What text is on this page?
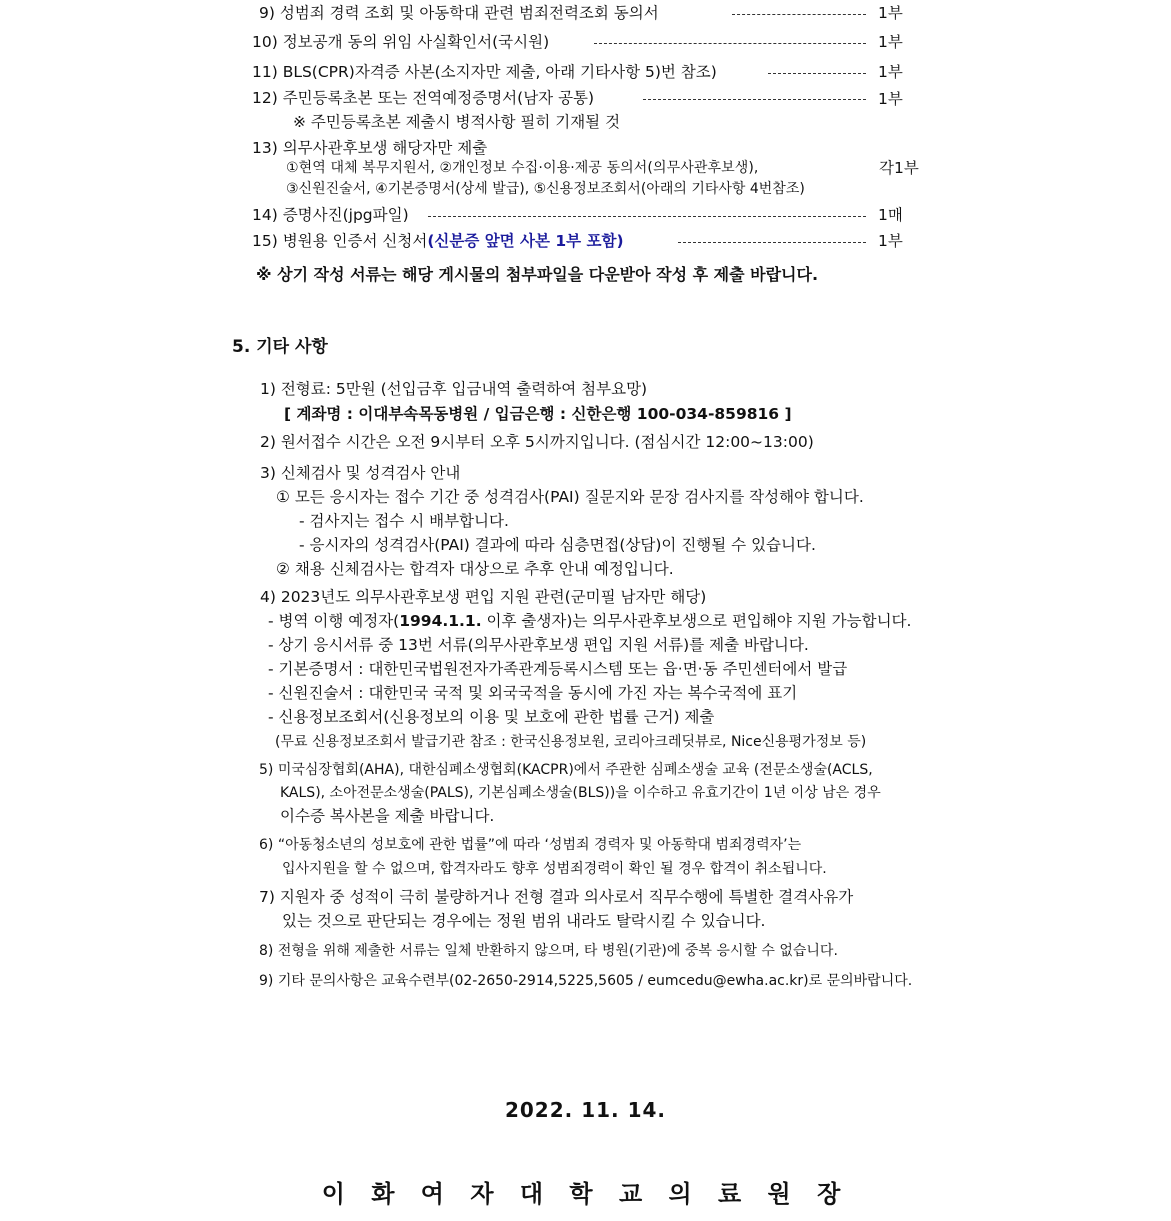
9) 성범죄 경력 조회 및 아동학대 관련 범죄전력조회 동의서	1부
10) 정보공개 동의 위임 사실확인서(국시원)	1부
11) BLS(CPR)자격증 사본(소지자만 제출, 아래 기타사항 5)번 참조)	1부
12) 주민등록초본 또는 전역예정증명서(남자 공통)	1부
※ 주민등록초본 제출시 병적사항 필히 기재될 것
13) 의무사관후보생 해당자만 제출
①현역 대체 복무지원서, ②개인정보 수집·이용·제공 동의서(의무사관후보생),	각1부
③신원진술서, ④기본증명서(상세 발급), ⑤신용정보조회서(아래의 기타사항 4번참조)
14) 증명사진(jpg파일)	1매
15) 병원용 인증서 신청서(신분증 앞면 사본 1부 포함)	1부
※ 상기 작성 서류는 해당 게시물의 첨부파일을 다운받아 작성 후 제출 바랍니다.
5. 기타 사항
1) 전형료: 5만원 (선입금후 입금내역 출력하여 첨부요망)
[ 계좌명 : 이대부속목동병원 / 입금은행 : 신한은행 100-034-859816 ]
2) 원서접수 시간은 오전 9시부터 오후 5시까지입니다. (점심시간 12:00~13:00)
3) 신체검사 및 성격검사 안내
① 모든 응시자는 접수 기간 중 성격검사(PAI) 질문지와 문장 검사지를 작성해야 합니다.
- 검사지는 접수 시 배부합니다.
- 응시자의 성격검사(PAI) 결과에 따라 심층면접(상담)이 진행될 수 있습니다.
② 채용 신체검사는 합격자 대상으로 추후 안내 예정입니다.
4) 2023년도 의무사관후보생 편입 지원 관련(군미필 남자만 해당)
- 병역 이행 예정자(1994.1.1. 이후 출생자)는 의무사관후보생으로 편입해야 지원 가능합니다.
- 상기 응시서류 중 13번 서류(의무사관후보생 편입 지원 서류)를 제출 바랍니다.
- 기본증명서 : 대한민국법원전자가족관계등록시스템 또는 읍·면·동 주민센터에서 발급
- 신원진술서 : 대한민국 국적 및 외국국적을 동시에 가진 자는 복수국적에 표기
- 신용정보조회서(신용정보의 이용 및 보호에 관한 법률 근거) 제출
(무료 신용정보조회서 발급기관 참조 : 한국신용정보원, 코리아크레딧뷰로, Nice신용평가정보 등)
5) 미국심장협회(AHA), 대한심폐소생협회(KACPR)에서 주관한 심폐소생술 교육 (전문소생술(ACLS,
KALS), 소아전문소생술(PALS), 기본심폐소생술(BLS))을 이수하고 유효기간이 1년 이상 남은 경우
이수증 복사본을 제출 바랍니다.
6) “아동청소년의 성보호에 관한 법률”에 따라 ‘성범죄 경력자 및 아동학대 범죄경력자’는
입사지원을 할 수 없으며, 합격자라도 향후 성범죄경력이 확인 될 경우 합격이 취소됩니다.
7) 지원자 중 성적이 극히 불량하거나 전형 결과 의사로서 직무수행에 특별한 결격사유가
있는 것으로 판단되는 경우에는 정원 범위 내라도 탈락시킬 수 있습니다.
8) 전형을 위해 제출한 서류는 일체 반환하지 않으며, 타 병원(기관)에 중복 응시할 수 없습니다.
9) 기타 문의사항은 교육수련부(02-2650-2914,5225,5605 / eumcedu@ewha.ac.kr)로 문의바랍니다.
2022. 11. 14.
이 화 여 자 대 학 교 의 료 원 장
